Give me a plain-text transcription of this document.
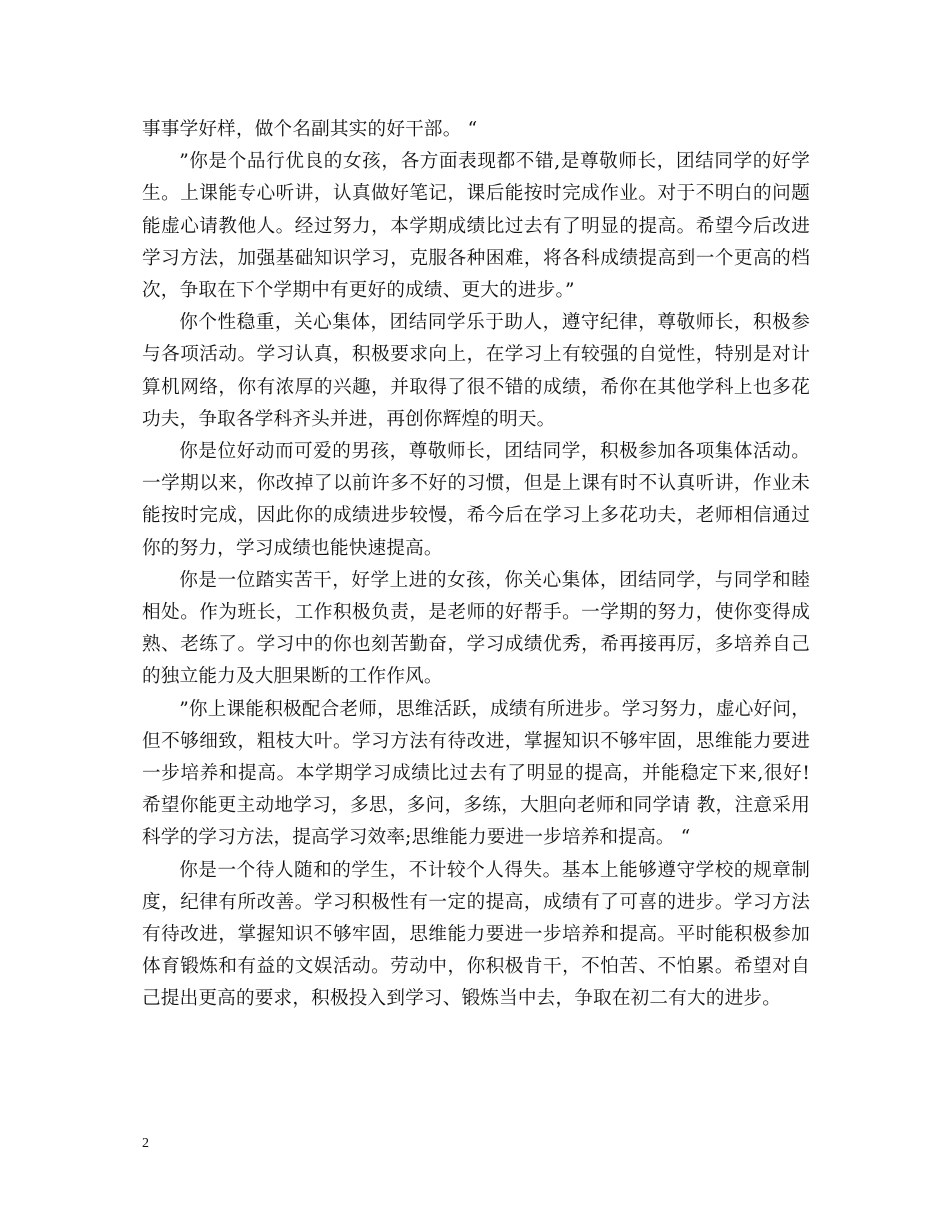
事事学好样，做个名副其实的好干部。 “

”你是个品行优良的女孩，各方面表现都不错,是尊敬师长，团结同学的好学生。上课能专心听讲，认真做好笔记，课后能按时完成作业。对于不明白的问题能虚心请教他人。经过努力，本学期成绩比过去有了明显的提高。希望今后改进学习方法，加强基础知识学习，克服各种困难，将各科成绩提高到一个更高的档次，争取在下个学期中有更好的成绩、更大的进步。”

你个性稳重，关心集体，团结同学乐于助人，遵守纪律，尊敬师长，积极参与各项活动。学习认真，积极要求向上，在学习上有较强的自觉性，特别是对计算机网络，你有浓厚的兴趣，并取得了很不错的成绩，希你在其他学科上也多花功夫，争取各学科齐头并进，再创你辉煌的明天。

你是位好动而可爱的男孩，尊敬师长，团结同学，积极参加各项集体活动。一学期以来，你改掉了以前许多不好的习惯，但是上课有时不认真听讲，作业未能按时完成，因此你的成绩进步较慢，希今后在学习上多花功夫，老师相信通过你的努力，学习成绩也能快速提高。

你是一位踏实苦干，好学上进的女孩，你关心集体，团结同学，与同学和睦相处。作为班长，工作积极负责，是老师的好帮手。一学期的努力，使你变得成熟、老练了。学习中的你也刻苦勤奋，学习成绩优秀，希再接再厉，多培养自己的独立能力及大胆果断的工作作风。

”你上课能积极配合老师，思维活跃，成绩有所进步。学习努力，虚心好问，但不够细致，粗枝大叶。学习方法有待改进，掌握知识不够牢固，思维能力要进一步培养和提高。本学期学习成绩比过去有了明显的提高，并能稳定下来,很好!希望你能更主动地学习，多思，多问，多练，大胆向老师和同学请 教，注意采用科学的学习方法，提高学习效率;思维能力要进一步培养和提高。 “

你是一个待人随和的学生，不计较个人得失。基本上能够遵守学校的规章制度，纪律有所改善。学习积极性有一定的提高，成绩有了可喜的进步。学习方法有待改进，掌握知识不够牢固，思维能力要进一步培养和提高。平时能积极参加体育锻炼和有益的文娱活动。劳动中，你积极肯干，不怕苦、不怕累。希望对自己提出更高的要求，积极投入到学习、锻炼当中去，争取在初二有大的进步。

2
